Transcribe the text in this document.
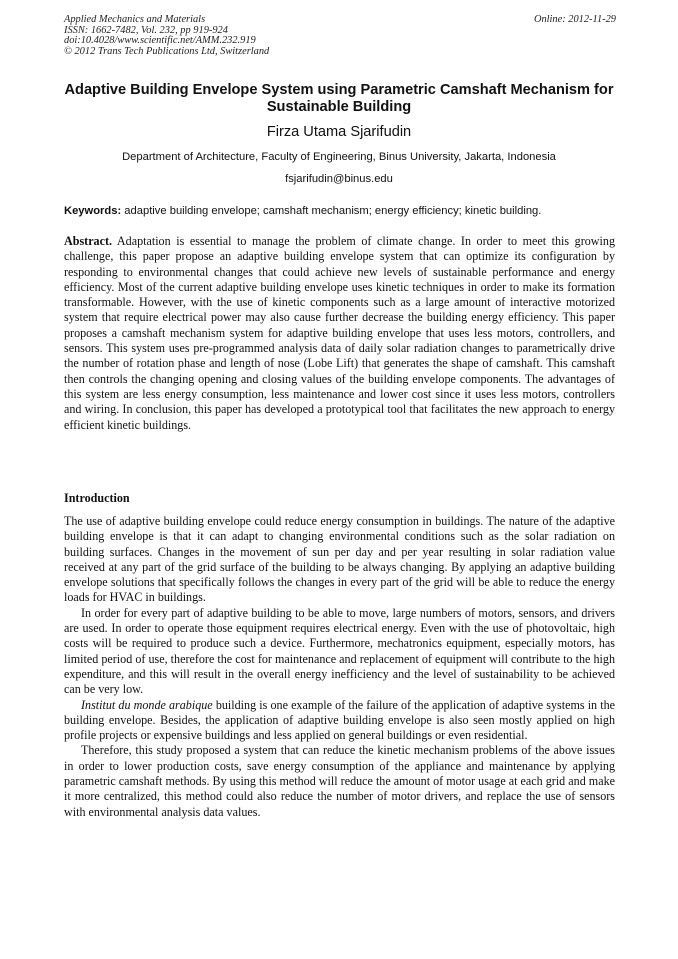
Applied Mechanics and Materials
ISSN: 1662-7482, Vol. 232, pp 919-924
doi:10.4028/www.scientific.net/AMM.232.919
© 2012 Trans Tech Publications Ltd, Switzerland
Online: 2012-11-29
Adaptive Building Envelope System using Parametric Camshaft Mechanism for Sustainable Building
Firza Utama Sjarifudin
Department of Architecture, Faculty of Engineering, Binus University, Jakarta, Indonesia
fsjarifudin@binus.edu
Keywords: adaptive building envelope; camshaft mechanism; energy efficiency; kinetic building.
Abstract. Adaptation is essential to manage the problem of climate change. In order to meet this growing challenge, this paper propose an adaptive building envelope system that can optimize its configuration by responding to environmental changes that could achieve new levels of sustainable performance and energy efficiency. Most of the current adaptive building envelope uses kinetic techniques in order to make its formation transformable. However, with the use of kinetic components such as a large amount of interactive motorized system that require electrical power may also cause further decrease the building energy efficiency. This paper proposes a camshaft mechanism system for adaptive building envelope that uses less motors, controllers, and sensors. This system uses pre-programmed analysis data of daily solar radiation changes to parametrically drive the number of rotation phase and length of nose (Lobe Lift) that generates the shape of camshaft. This camshaft then controls the changing opening and closing values of the building envelope components. The advantages of this system are less energy consumption, less maintenance and lower cost since it uses less motors, controllers and wiring. In conclusion, this paper has developed a prototypical tool that facilitates the new approach to energy efficient kinetic buildings.
Introduction

The use of adaptive building envelope could reduce energy consumption in buildings. The nature of the adaptive building envelope is that it can adapt to changing environmental conditions such as the solar radiation on building surfaces. Changes in the movement of sun per day and per year resulting in solar radiation value received at any part of the grid surface of the building to be always changing. By applying an adaptive building envelope solutions that specifically follows the changes in every part of the grid will be able to reduce the energy loads for HVAC in buildings.

In order for every part of adaptive building to be able to move, large numbers of motors, sensors, and drivers are used. In order to operate those equipment requires electrical energy. Even with the use of photovoltaic, high costs will be required to produce such a device. Furthermore, mechatronics equipment, especially motors, has limited period of use, therefore the cost for maintenance and replacement of equipment will contribute to the high expenditure, and this will result in the overall energy inefficiency and the level of sustainability to be achieved can be very low.

Institut du monde arabique building is one example of the failure of the application of adaptive systems in the building envelope. Besides, the application of adaptive building envelope is also seen mostly applied on high profile projects or expensive buildings and less applied on general buildings or even residential.

Therefore, this study proposed a system that can reduce the kinetic mechanism problems of the above issues in order to lower production costs, save energy consumption of the appliance and maintenance by applying parametric camshaft methods. By using this method will reduce the amount of motor usage at each grid and make it more centralized, this method could also reduce the number of motor drivers, and replace the use of sensors with environmental analysis data values.
